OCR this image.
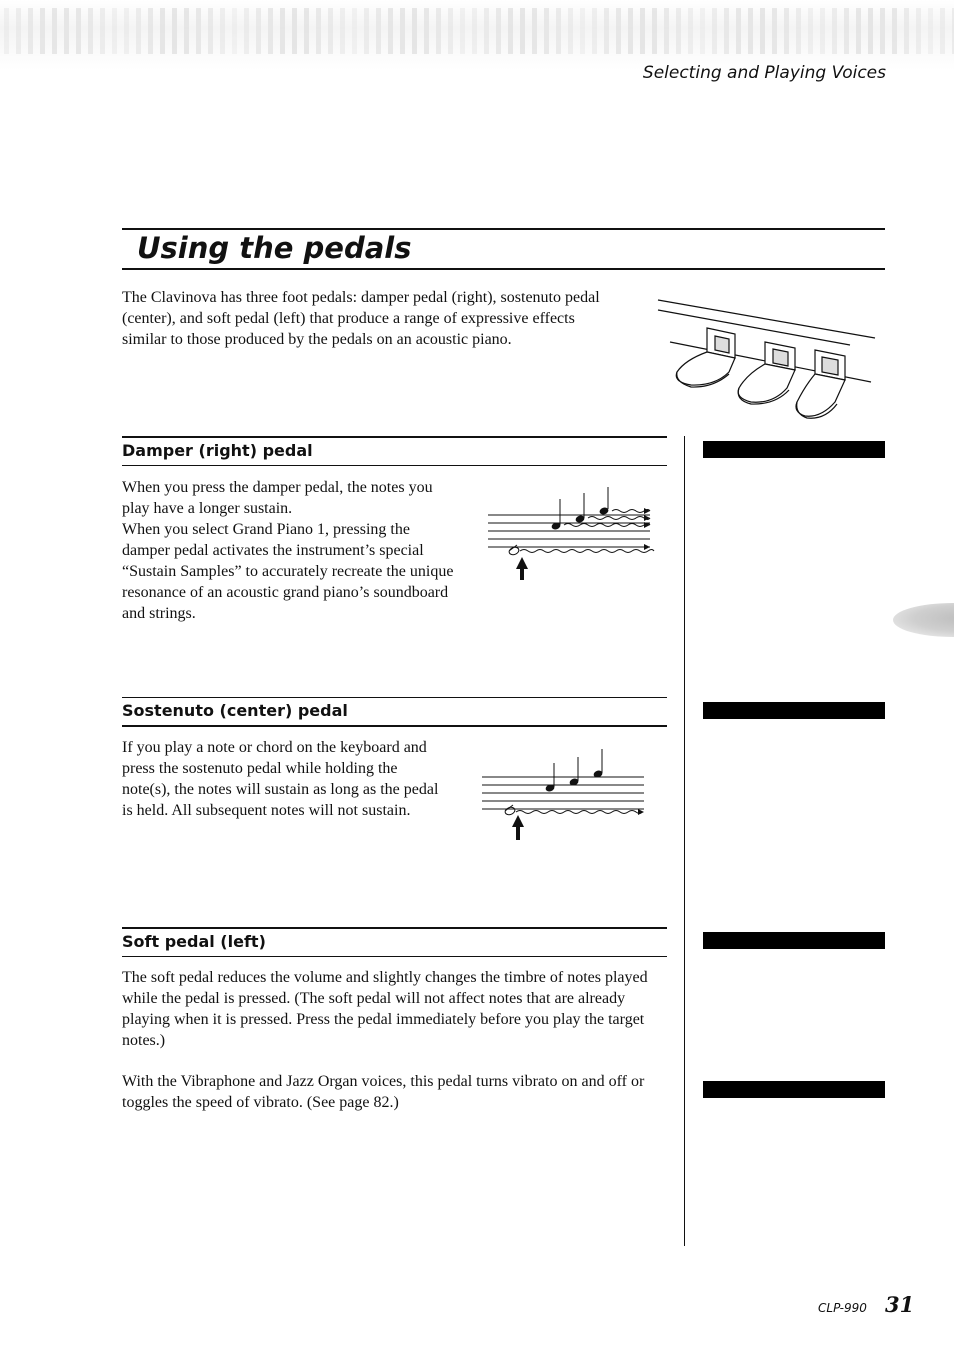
Selecting and Playing Voices
Using the pedals
The Clavinova has three foot pedals: damper pedal (right), sostenuto pedal (center), and soft pedal (left) that produce a range of expressive effects similar to those produced by the pedals on an acoustic piano.
Damper (right) pedal
When you press the damper pedal, the notes you play have a longer sustain.
When you select Grand Piano 1, pressing the damper pedal activates the instrument’s special “Sustain Samples” to accurately recreate the unique resonance of an acoustic grand piano’s soundboard and strings.
Sostenuto (center) pedal
If you play a note or chord on the keyboard and press the sostenuto pedal while holding the note(s), the notes will sustain as long as the pedal is held. All subsequent notes will not sustain.
Soft pedal (left)
The soft pedal reduces the volume and slightly changes the timbre of notes played while the pedal is pressed. (The soft pedal will not affect notes that are already playing when it is pressed. Press the pedal immediately before you play the target notes.)
With the Vibraphone and Jazz Organ voices, this pedal turns vibrato on and off or toggles the speed of vibrato. (See page 82.)
CLP-990 31
